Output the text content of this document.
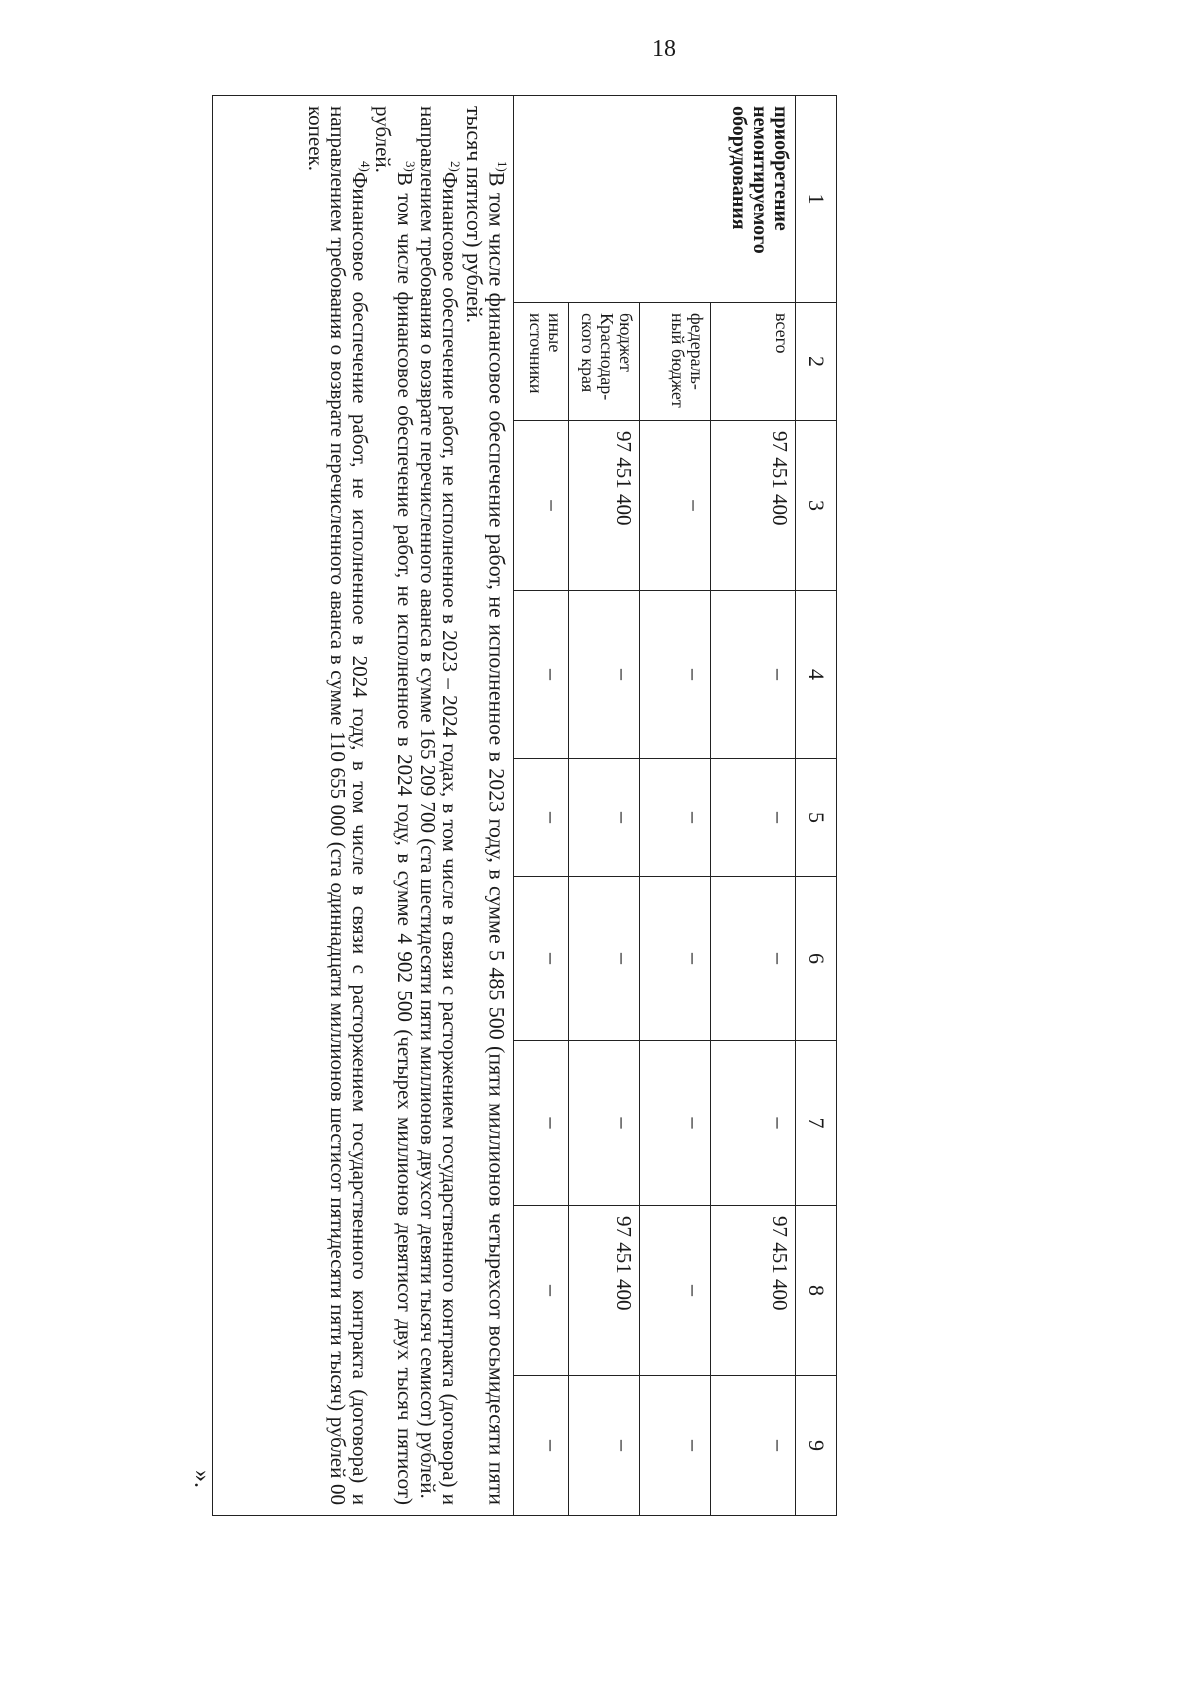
18
1	2	3	4	5	6	7	8	9
приобретение немонтируемого оборудования	всего	97 451 400	–	–	–	–	97 451 400	–
	федераль-ный бюджет	–	–	–	–	–	–	–
	бюджет Краснодар-ского края	97 451 400	–	–	–	–	97 451 400	–
	иные источники	–	–	–	–	–	–	–

$^{1)}$В том числе финансовое обеспечение работ, не исполненное в 2023 году, в сумме 5 485 500 (пяти миллионов четырехсот восьмидесяти пяти тысяч пятисот) рублей.

$^{2)}$Финансовое обеспечение работ, не исполненное в 2023 – 2024 годах, в том числе в связи с расторжением государственного контракта (договора) и направлением требования о возврате перечисленного аванса в сумме 165 209 700 (ста шестидесяти пяти миллионов двухсот девяти тысяч семисот) рублей.

$^{3)}$В том числе финансовое обеспечение работ, не исполненное в 2024 году, в сумме 4 902 500 (четырех миллионов девятисот двух тысяч пятисот) рублей.

$^{4)}$Финансовое обеспечение работ, не исполненное в 2024 году, в том числе в связи с расторжением государственного контракта (договора) и направлением требования о возврате перечисленного аванса в сумме 110 655 000 (ста одиннадцати миллионов шестисот пятидесяти пяти тысяч) рублей 00 копеек.								

».
